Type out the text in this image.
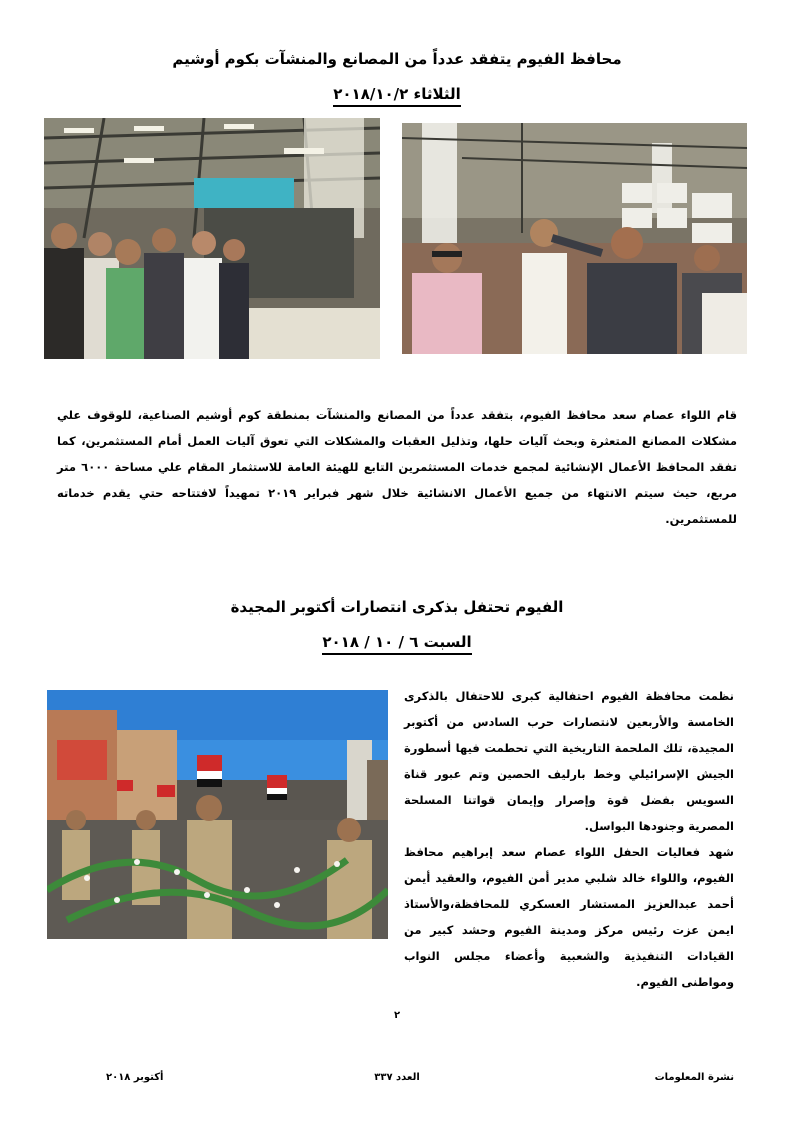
محافظ الفيوم يتفقد عدداً من المصانع والمنشآت بكوم أوشيم
الثلاثاء ٢٠١٨/١٠/٢

قام اللواء عصام سعد محافظ الفيوم، بتفقد عدداً من المصانع والمنشآت بمنطقة كوم أوشيم الصناعية، للوقوف علي مشكلات المصانع المتعثرة وبحث آليات حلها، وتذليل العقبات والمشكلات التي تعوق آليات العمل أمام المستثمرين، كما تفقد المحافظ الأعمال الإنشائية لمجمع خدمات المستثمرين التابع للهيئة العامة للاستثمار المقام علي مساحة ٦٠٠٠ متر مربع، حيث سيتم الانتهاء من جميع الأعمال الانشائية خلال شهر فبراير ٢٠١٩ تمهيداً لافتتاحه حتي يقدم خدماته للمستثمرين.

الفيوم تحتفل بذكرى انتصارات أكتوبر المجيدة
السبت ٦ / ١٠ / ٢٠١٨

نظمت محافظة الفيوم احتفالية كبرى للاحتفال بالذكرى الخامسة والأربعين لانتصارات حرب السادس من أكتوبر المجيدة، تلك الملحمة التاريخية التي تحطمت فيها أسطورة الجيش الإسرائيلي وخط بارليف الحصين وتم عبور قناة السويس بفضل قوة وإصرار وإيمان قواتنا المسلحة المصرية وجنودها البواسل.

شهد فعاليات الحفل اللواء عصام سعد إبراهيم محافظ الفيوم، واللواء خالد شلبي مدير أمن الفيوم، والعقيد أيمن أحمد عبدالعزيز المستشار العسكري للمحافظة،والأستاذ ايمن عزت رئيس مركز ومدينة الفيوم وحشد كبير من القيادات التنفيذية والشعبية وأعضاء مجلس النواب ومواطنى الفيوم.

٢
نشرة المعلومات
العدد ٣٣٧
أكتوبر ٢٠١٨
